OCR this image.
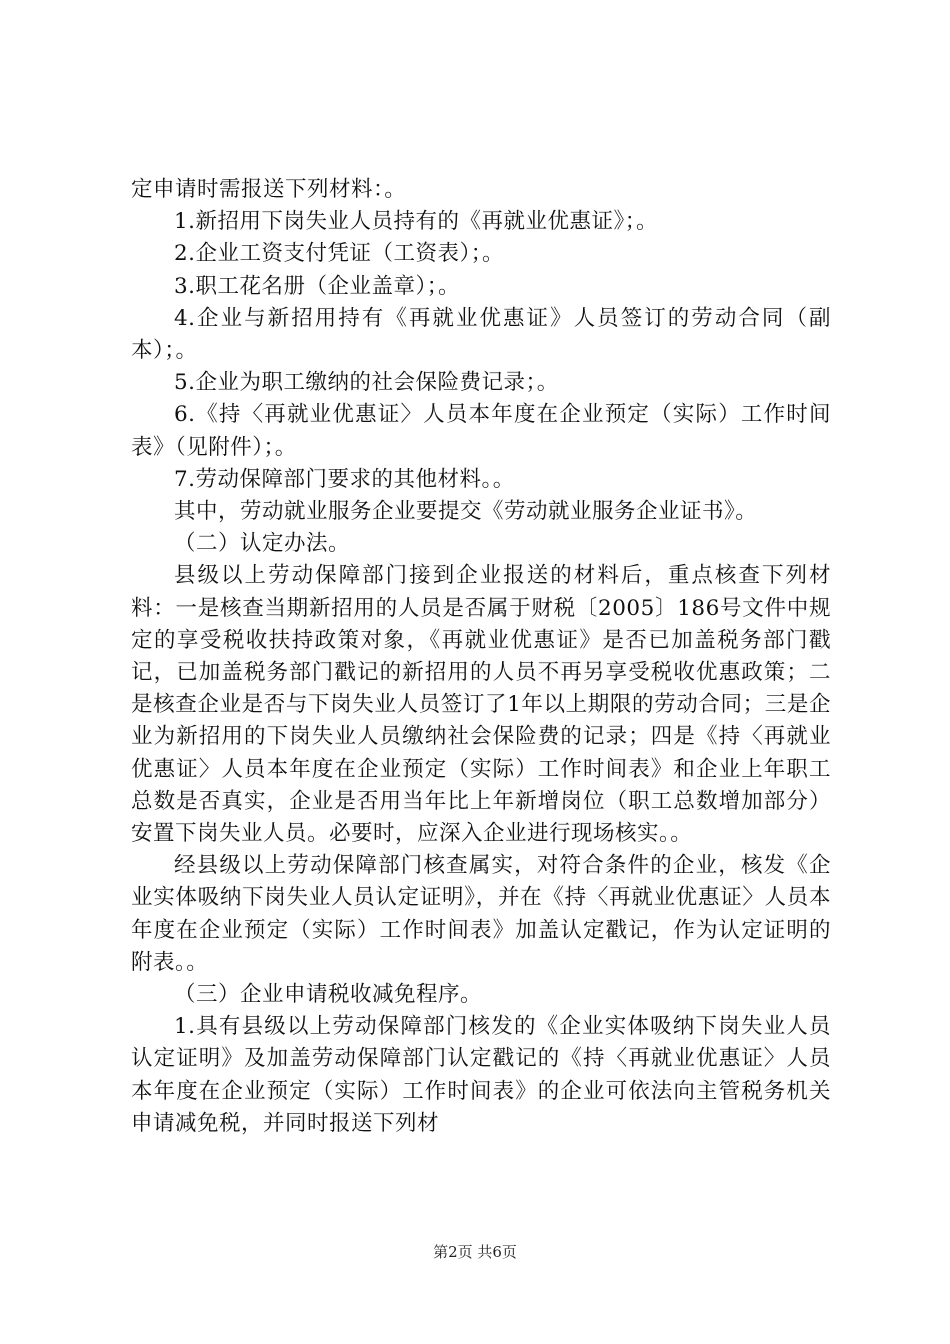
定申请时需报送下列材料：。

1.新招用下岗失业人员持有的《再就业优惠证》；。

2.企业工资支付凭证（工资表）；。

3.职工花名册（企业盖章）；。

4.企业与新招用持有《再就业优惠证》人员签订的劳动合同（副本）；。

5.企业为职工缴纳的社会保险费记录；。

6.《持〈再就业优惠证〉人员本年度在企业预定（实际）工作时间表》（见附件）；。

7.劳动保障部门要求的其他材料。。

其中，劳动就业服务企业要提交《劳动就业服务企业证书》。

（二）认定办法。

县级以上劳动保障部门接到企业报送的材料后，重点核查下列材料：一是核查当期新招用的人员是否属于财税〔2005〕186号文件中规定的享受税收扶持政策对象，《再就业优惠证》是否已加盖税务部门戳记，已加盖税务部门戳记的新招用的人员不再另享受税收优惠政策；二是核查企业是否与下岗失业人员签订了1年以上期限的劳动合同；三是企业为新招用的下岗失业人员缴纳社会保险费的记录；四是《持〈再就业优惠证〉人员本年度在企业预定（实际）工作时间表》和企业上年职工总数是否真实，企业是否用当年比上年新增岗位（职工总数增加部分）安置下岗失业人员。必要时，应深入企业进行现场核实。。

经县级以上劳动保障部门核查属实，对符合条件的企业，核发《企业实体吸纳下岗失业人员认定证明》，并在《持〈再就业优惠证〉人员本年度在企业预定（实际）工作时间表》加盖认定戳记，作为认定证明的附表。。

（三）企业申请税收减免程序。

1.具有县级以上劳动保障部门核发的《企业实体吸纳下岗失业人员认定证明》及加盖劳动保障部门认定戳记的《持〈再就业优惠证〉人员本年度在企业预定（实际）工作时间表》的企业可依法向主管税务机关申请减免税，并同时报送下列材

第2页 共6页
